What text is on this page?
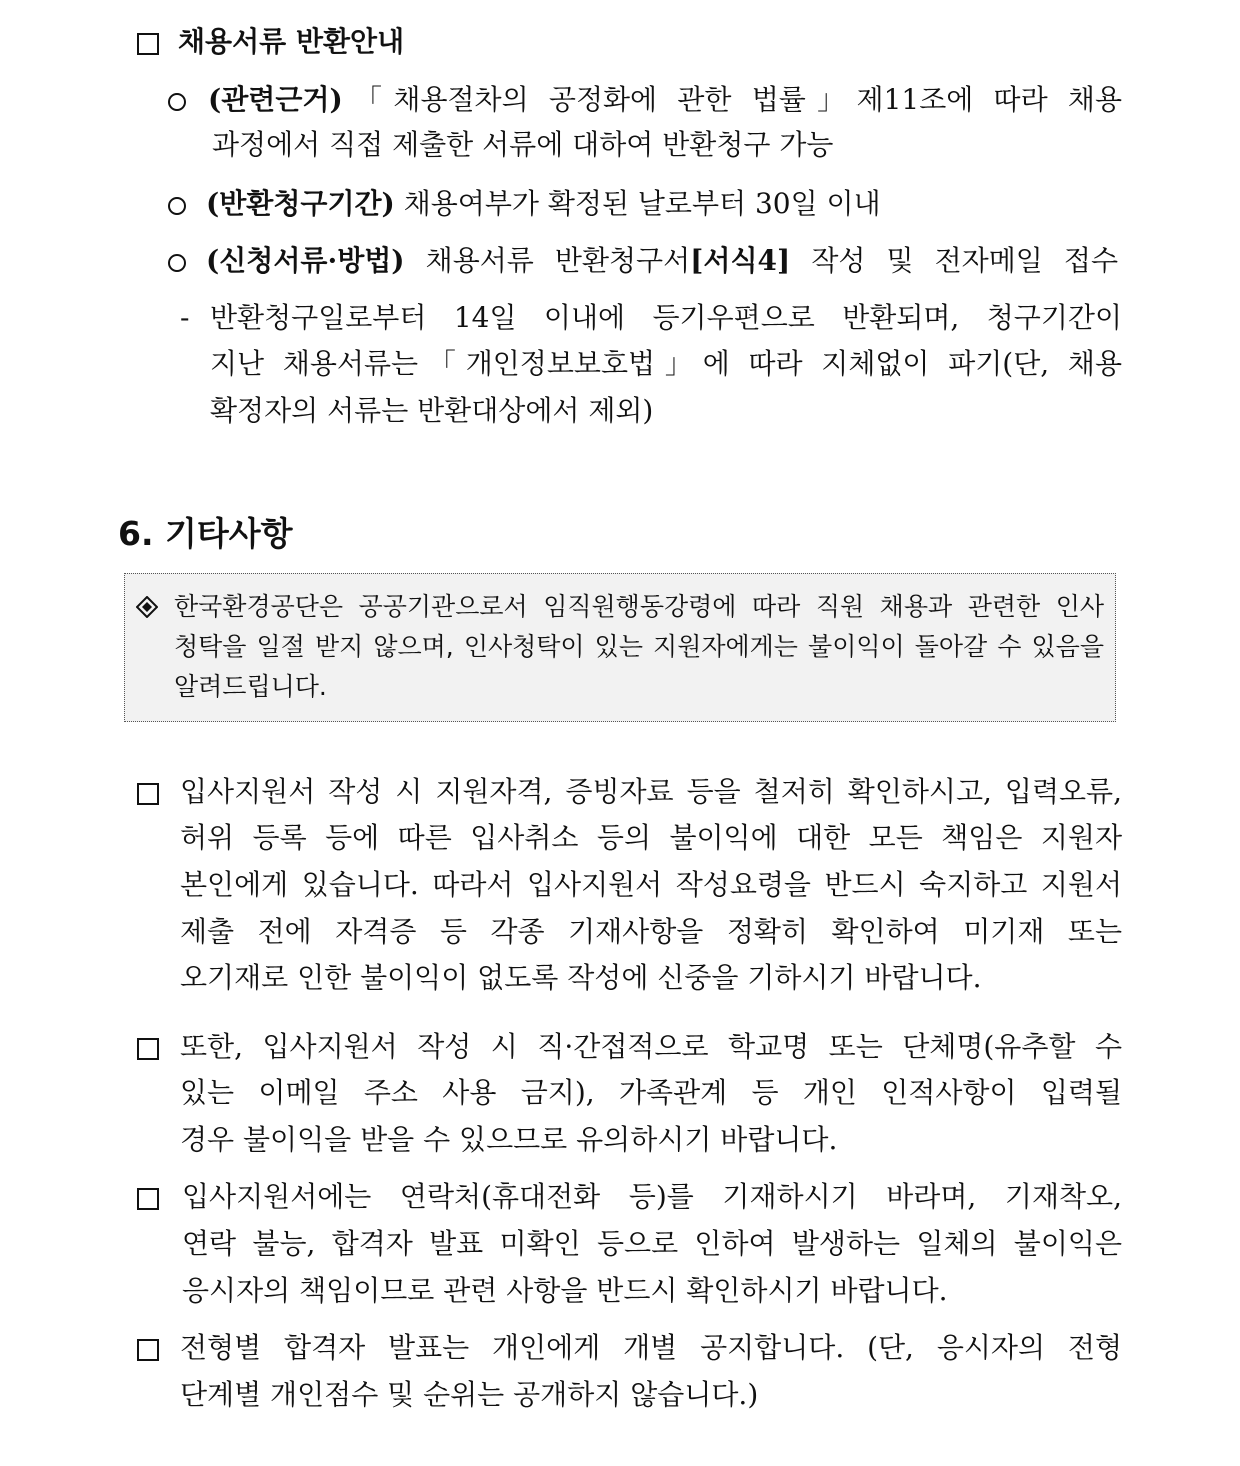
채용서류 반환안내
(관련근거)「채용절차의 공정화에 관한 법률」제11조에 따라 채용
과정에서 직접 제출한 서류에 대하여 반환청구 가능
(반환청구기간) 채용여부가 확정된 날로부터 30일 이내
(신청서류·방법) 채용서류 반환청구서[서식4] 작성 및 전자메일 접수
- 반환청구일로부터 14일 이내에 등기우편으로 반환되며, 청구기간이
지난 채용서류는「개인정보보호법」에 따라 지체없이 파기(단, 채용
확정자의 서류는 반환대상에서 제외)
6. 기타사항
한국환경공단은 공공기관으로서 임직원행동강령에 따라 직원 채용과 관련한 인사
청탁을 일절 받지 않으며, 인사청탁이 있는 지원자에게는 불이익이 돌아갈 수 있음을
알려드립니다.
입사지원서 작성 시 지원자격, 증빙자료 등을 철저히 확인하시고, 입력오류,
허위 등록 등에 따른 입사취소 등의 불이익에 대한 모든 책임은 지원자
본인에게 있습니다. 따라서 입사지원서 작성요령을 반드시 숙지하고 지원서
제출 전에 자격증 등 각종 기재사항을 정확히 확인하여 미기재 또는
오기재로 인한 불이익이 없도록 작성에 신중을 기하시기 바랍니다.
또한, 입사지원서 작성 시 직·간접적으로 학교명 또는 단체명(유추할 수
있는 이메일 주소 사용 금지), 가족관계 등 개인 인적사항이 입력될
경우 불이익을 받을 수 있으므로 유의하시기 바랍니다.
입사지원서에는 연락처(휴대전화 등)를 기재하시기 바라며, 기재착오,
연락 불능, 합격자 발표 미확인 등으로 인하여 발생하는 일체의 불이익은
응시자의 책임이므로 관련 사항을 반드시 확인하시기 바랍니다.
전형별 합격자 발표는 개인에게 개별 공지합니다. (단, 응시자의 전형
단계별 개인점수 및 순위는 공개하지 않습니다.)
